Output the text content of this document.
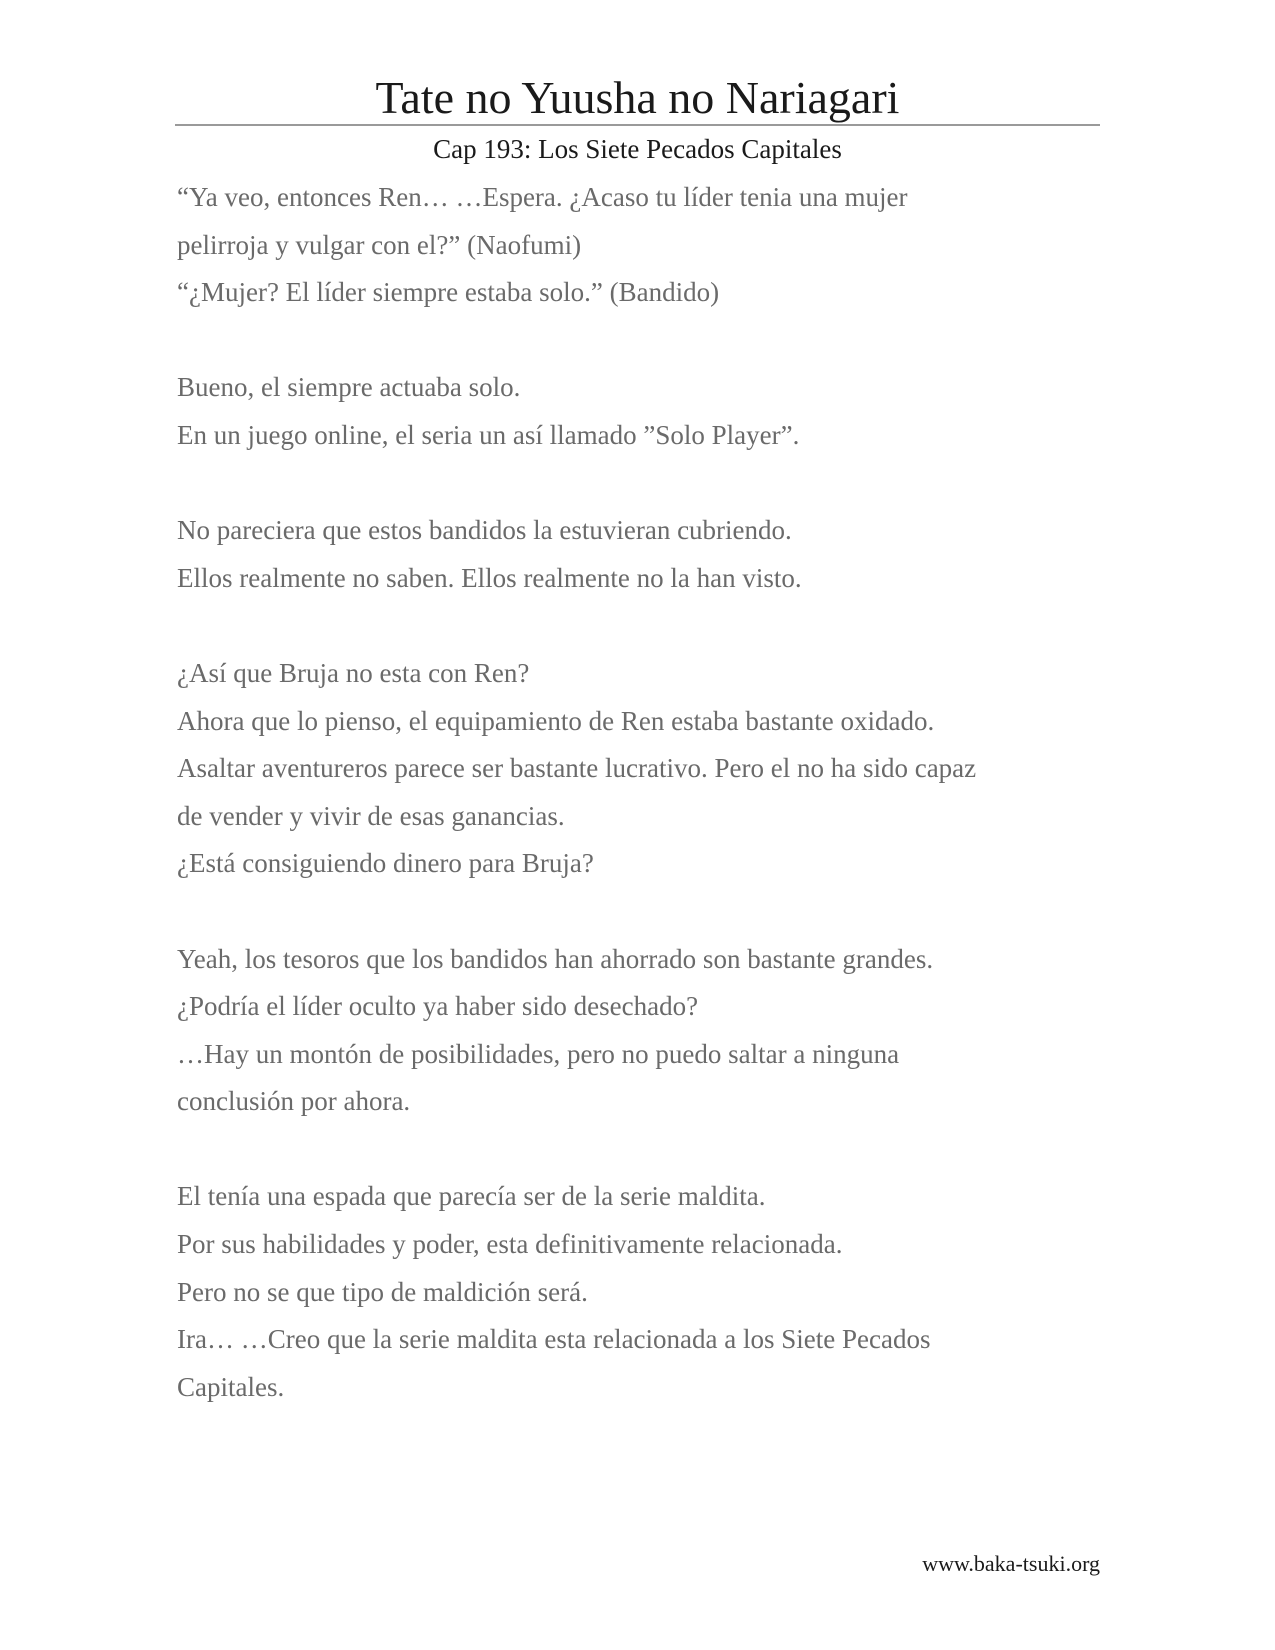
Tate no Yuusha no Nariagari
Cap 193: Los Siete Pecados Capitales
“Ya veo, entonces Ren… …Espera. ¿Acaso tu líder tenia una mujer
pelirroja y vulgar con el?” (Naofumi)
“¿Mujer? El líder siempre estaba solo.” (Bandido)
Bueno, el siempre actuaba solo.
En un juego online, el seria un así llamado ”Solo Player”.
No pareciera que estos bandidos la estuvieran cubriendo.
Ellos realmente no saben. Ellos realmente no la han visto.
¿Así que Bruja no esta con Ren?
Ahora que lo pienso, el equipamiento de Ren estaba bastante oxidado.
Asaltar aventureros parece ser bastante lucrativo. Pero el no ha sido capaz
de vender y vivir de esas ganancias.
¿Está consiguiendo dinero para Bruja?
Yeah, los tesoros que los bandidos han ahorrado son bastante grandes.
¿Podría el líder oculto ya haber sido desechado?
…Hay un montón de posibilidades, pero no puedo saltar a ninguna
conclusión por ahora.
El tenía una espada que parecía ser de la serie maldita.
Por sus habilidades y poder, esta definitivamente relacionada.
Pero no se que tipo de maldición será.
Ira… …Creo que la serie maldita esta relacionada a los Siete Pecados
Capitales.
www.baka-tsuki.org
